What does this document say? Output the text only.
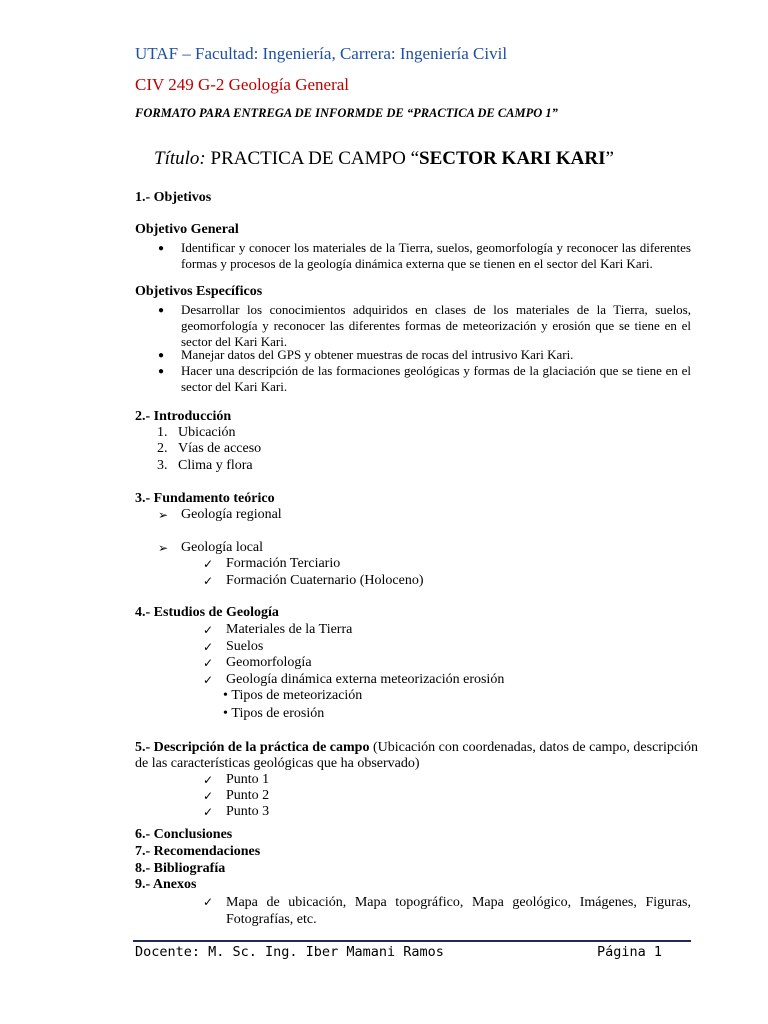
UTAF – Facultad: Ingeniería, Carrera: Ingeniería Civil
CIV 249 G-2 Geología General
FORMATO PARA ENTREGA DE INFORMDE DE “PRACTICA DE CAMPO 1”
Título: PRACTICA DE CAMPO “SECTOR KARI KARI”
1.- Objetivos
Objetivo General
● Identificar y conocer los materiales de la Tierra, suelos, geomorfología y reconocer las diferentes formas y procesos de la geología dinámica externa que se tienen en el sector del Kari Kari.
Objetivos Específicos
● Desarrollar los conocimientos adquiridos en clases de los materiales de la Tierra, suelos, geomorfología y reconocer las diferentes formas de meteorización y erosión que se tiene en el sector del Kari Kari.
● Manejar datos del GPS y obtener muestras de rocas del intrusivo Kari Kari.
● Hacer una descripción de las formaciones geológicas y formas de la glaciación que se tiene en el sector del Kari Kari.
2.- Introducción
1.   Ubicación
2.   Vías de acceso
3.   Clima y flora
3.- Fundamento teórico
➢ Geología regional
➢ Geología local
✓ Formación Terciario
✓ Formación Cuaternario (Holoceno)
4.- Estudios de Geología
✓ Materiales de la Tierra
✓ Suelos
✓ Geomorfología
✓ Geología dinámica externa meteorización erosión
• Tipos de meteorización
• Tipos de erosión
5.- Descripción de la práctica de campo (Ubicación con coordenadas, datos de campo, descripción
de las características geológicas que ha observado)
✓ Punto 1
✓ Punto 2
✓ Punto 3
6.- Conclusiones
7.- Recomendaciones
8.- Bibliografía
9.- Anexos
✓ Mapa de ubicación, Mapa topográfico, Mapa geológico, Imágenes, Figuras, Fotografías, etc.
Docente: M. Sc. Ing. Iber Mamani Ramos	Página 1
